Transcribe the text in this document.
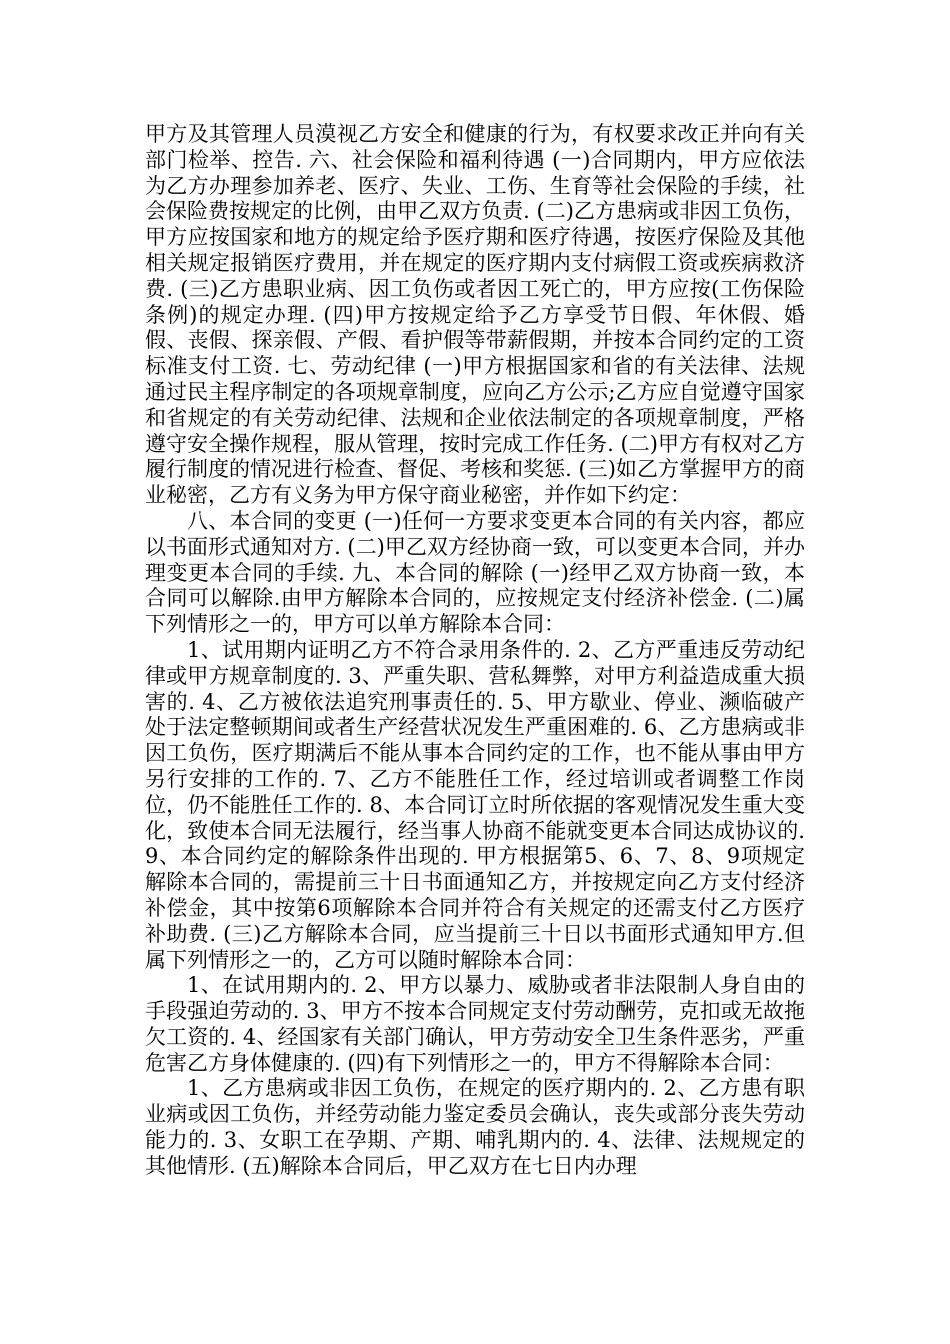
甲方及其管理人员漠视乙方安全和健康的行为，有权要求改正并向有关部门检举、控告. 六、社会保险和福利待遇 (一)合同期内，甲方应依法为乙方办理参加养老、医疗、失业、工伤、生育等社会保险的手续，社会保险费按规定的比例，由甲乙双方负责. (二)乙方患病或非因工负伤，甲方应按国家和地方的规定给予医疗期和医疗待遇，按医疗保险及其他相关规定报销医疗费用，并在规定的医疗期内支付病假工资或疾病救济费. (三)乙方患职业病、因工负伤或者因工死亡的，甲方应按(工伤保险条例)的规定办理. (四)甲方按规定给予乙方享受节日假、年休假、婚假、丧假、探亲假、产假、看护假等带薪假期，并按本合同约定的工资标准支付工资. 七、劳动纪律 (一)甲方根据国家和省的有关法律、法规通过民主程序制定的各项规章制度，应向乙方公示;乙方应自觉遵守国家和省规定的有关劳动纪律、法规和企业依法制定的各项规章制度，严格遵守安全操作规程，服从管理，按时完成工作任务. (二)甲方有权对乙方履行制度的情况进行检查、督促、考核和奖惩. (三)如乙方掌握甲方的商业秘密，乙方有义务为甲方保守商业秘密，并作如下约定：

八、本合同的变更 (一)任何一方要求变更本合同的有关内容，都应以书面形式通知对方. (二)甲乙双方经协商一致，可以变更本合同，并办理变更本合同的手续. 九、本合同的解除 (一)经甲乙双方协商一致，本合同可以解除.由甲方解除本合同的，应按规定支付经济补偿金. (二)属下列情形之一的，甲方可以单方解除本合同：

1、试用期内证明乙方不符合录用条件的. 2、乙方严重违反劳动纪律或甲方规章制度的. 3、严重失职、营私舞弊，对甲方利益造成重大损害的. 4、乙方被依法追究刑事责任的. 5、甲方歇业、停业、濒临破产处于法定整顿期间或者生产经营状况发生严重困难的. 6、乙方患病或非因工负伤，医疗期满后不能从事本合同约定的工作，也不能从事由甲方另行安排的工作的. 7、乙方不能胜任工作，经过培训或者调整工作岗位，仍不能胜任工作的. 8、本合同订立时所依据的客观情况发生重大变化，致使本合同无法履行，经当事人协商不能就变更本合同达成协议的. 9、本合同约定的解除条件出现的. 甲方根据第5、6、7、8、9项规定解除本合同的，需提前三十日书面通知乙方，并按规定向乙方支付经济补偿金，其中按第6项解除本合同并符合有关规定的还需支付乙方医疗补助费. (三)乙方解除本合同，应当提前三十日以书面形式通知甲方.但属下列情形之一的，乙方可以随时解除本合同：

1、在试用期内的. 2、甲方以暴力、威胁或者非法限制人身自由的手段强迫劳动的. 3、甲方不按本合同规定支付劳动酬劳，克扣或无故拖欠工资的. 4、经国家有关部门确认，甲方劳动安全卫生条件恶劣，严重危害乙方身体健康的. (四)有下列情形之一的，甲方不得解除本合同：

1、乙方患病或非因工负伤，在规定的医疗期内的. 2、乙方患有职业病或因工负伤，并经劳动能力鉴定委员会确认，丧失或部分丧失劳动能力的. 3、女职工在孕期、产期、哺乳期内的. 4、法律、法规规定的其他情形. (五)解除本合同后，甲乙双方在七日内办理
